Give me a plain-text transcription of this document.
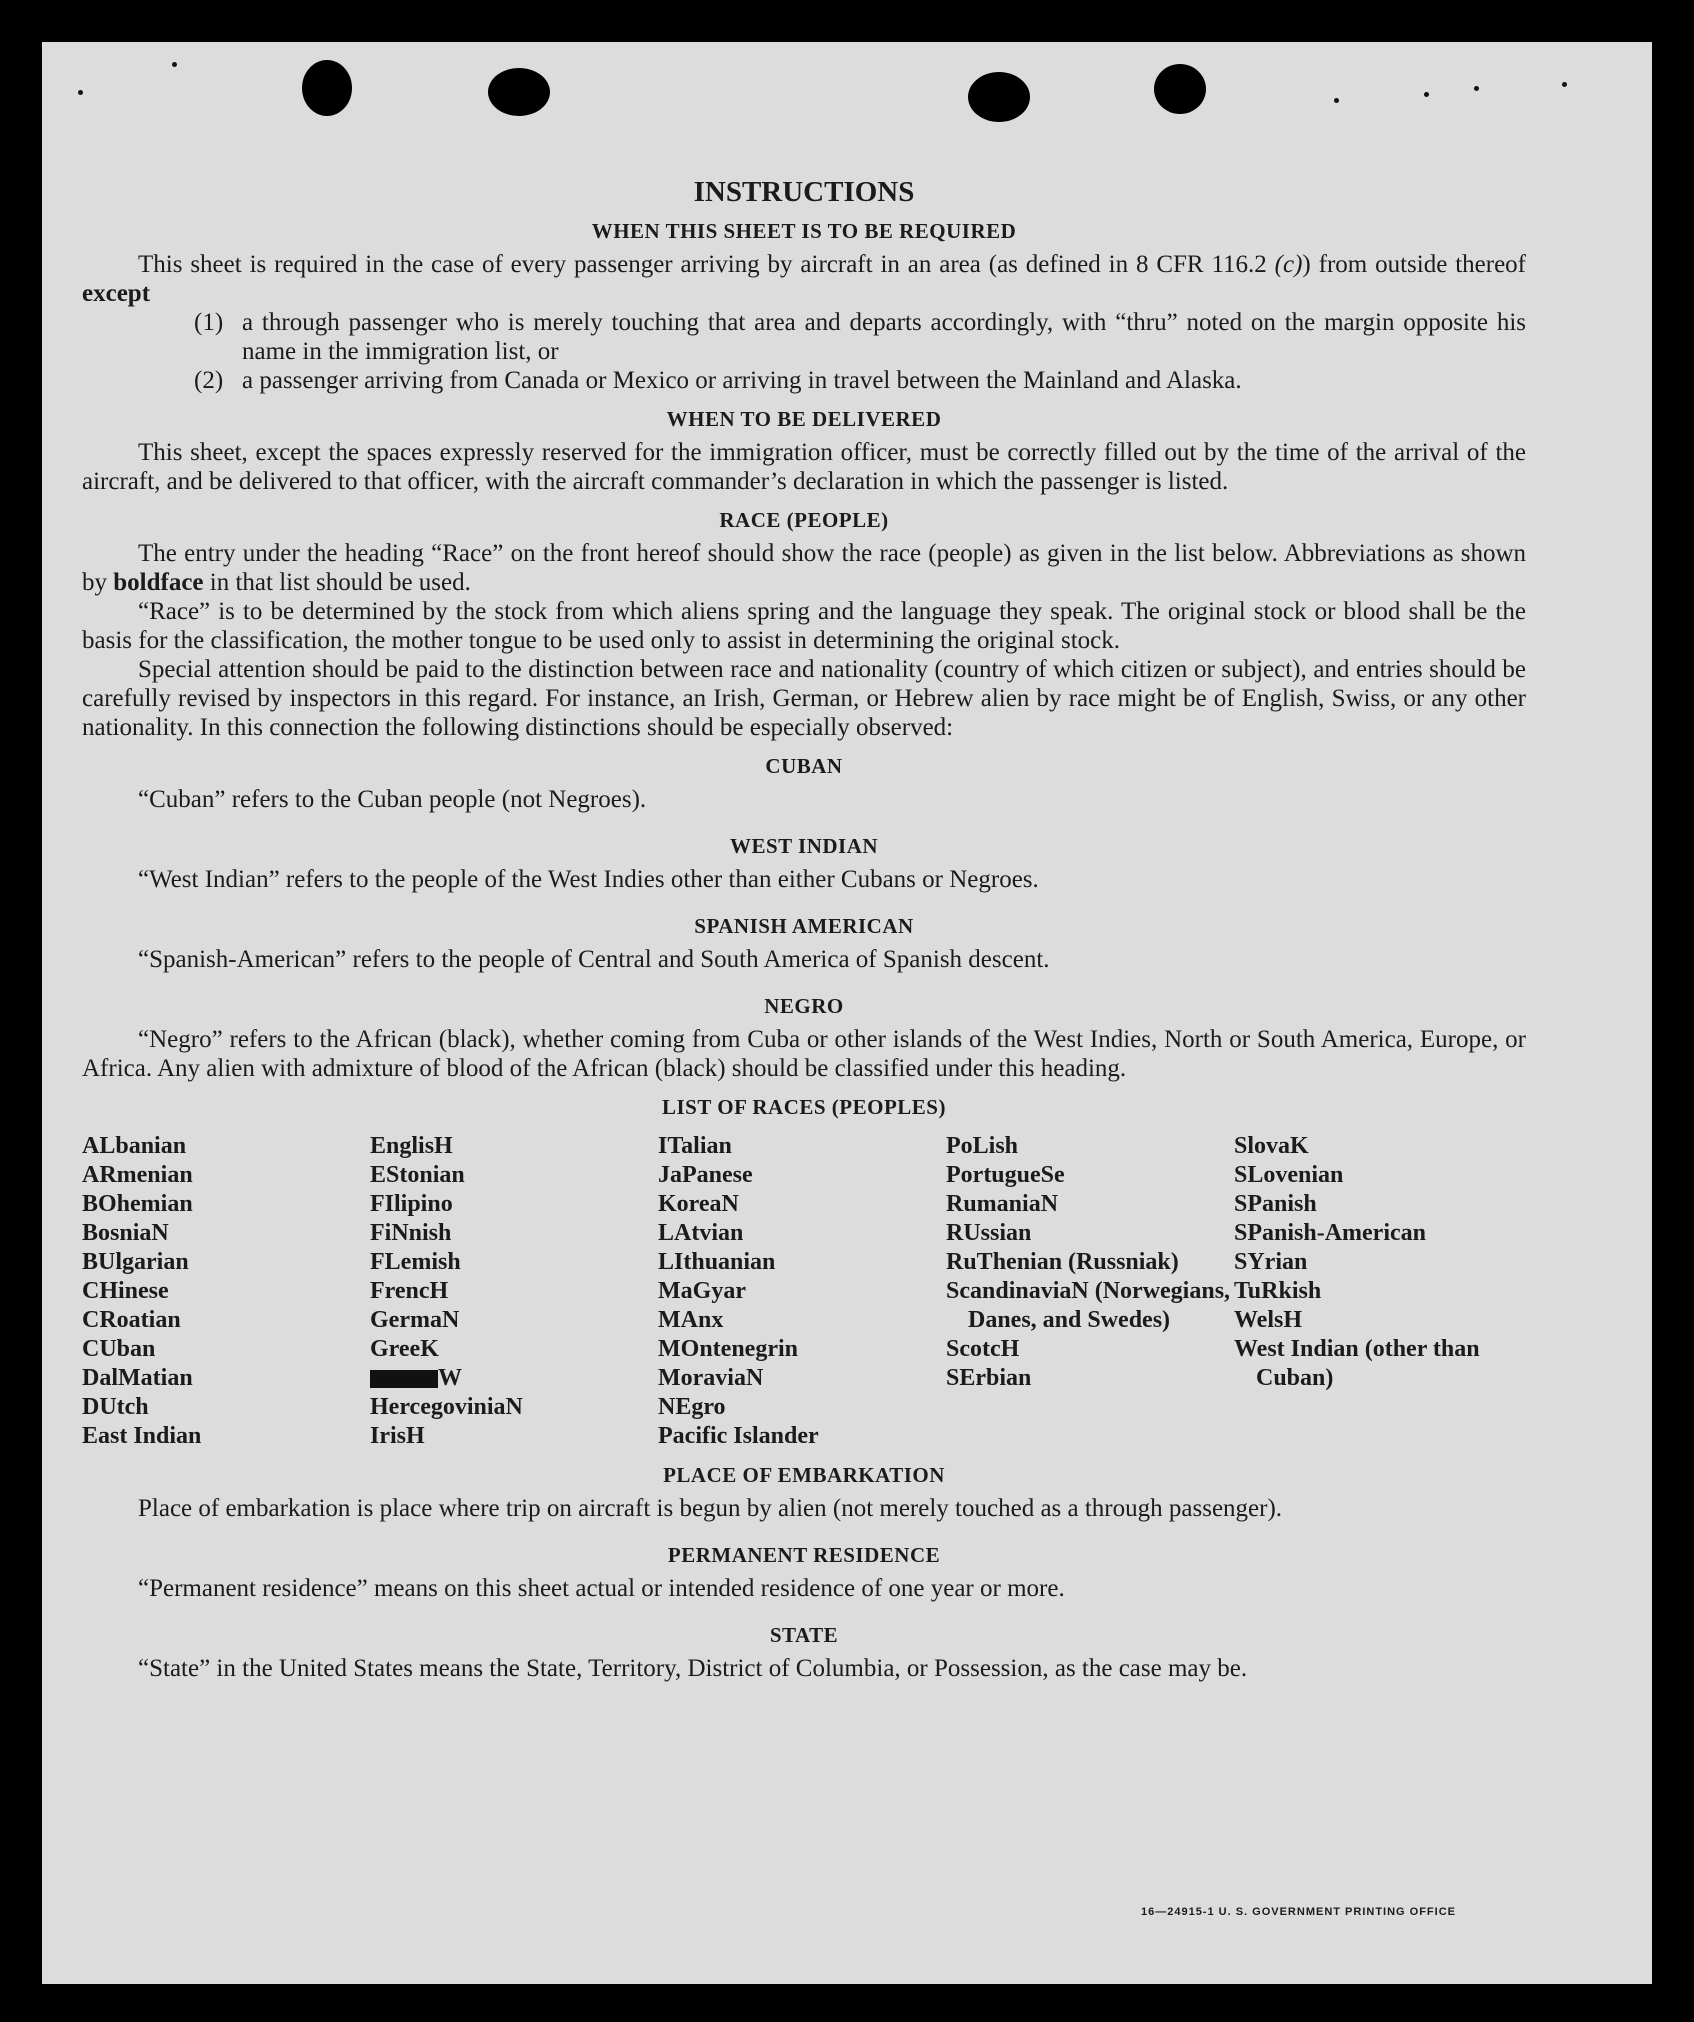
INSTRUCTIONS
WHEN THIS SHEET IS TO BE REQUIRED

This sheet is required in the case of every passenger arriving by aircraft in an area (as defined in 8 CFR 116.2 (c)) from outside thereof except

(1) a through passenger who is merely touching that area and departs accordingly, with “thru” noted on the margin opposite his name in the immigration list, or
(2) a passenger arriving from Canada or Mexico or arriving in travel between the Mainland and Alaska.
WHEN TO BE DELIVERED

This sheet, except the spaces expressly reserved for the immigration officer, must be correctly filled out by the time of the arrival of the aircraft, and be delivered to that officer, with the aircraft commander’s declaration in which the passenger is listed.

RACE (PEOPLE)

The entry under the heading “Race” on the front hereof should show the race (people) as given in the list below. Abbreviations as shown by boldface in that list should be used.

“Race” is to be determined by the stock from which aliens spring and the language they speak. The original stock or blood shall be the basis for the classification, the mother tongue to be used only to assist in determining the original stock.

Special attention should be paid to the distinction between race and nationality (country of which citizen or subject), and entries should be carefully revised by inspectors in this regard. For instance, an Irish, German, or Hebrew alien by race might be of English, Swiss, or any other nationality. In this connection the following distinctions should be especially observed:

CUBAN

“Cuban” refers to the Cuban people (not Negroes).

WEST INDIAN

“West Indian” refers to the people of the West Indies other than either Cubans or Negroes.

SPANISH AMERICAN

“Spanish-American” refers to the people of Central and South America of Spanish descent.

NEGRO

“Negro” refers to the African (black), whether coming from Cuba or other islands of the West Indies, North or South America, Europe, or Africa. Any alien with admixture of blood of the African (black) should be classified under this heading.

LIST OF RACES (PEOPLES)
ALbanian
ARmenian
BOhemian
BosniaN
BUlgarian
CHinese
CRoatian
CUban
DalMatian
DUtch
East Indian
EnglisH
EStonian
FIlipino
FiNnish
FLemish
FrencH
GermaN
GreeK
W
HercegoviniaN
IrisH
ITalian
JaPanese
KoreaN
LAtvian
LIthuanian
MaGyar
MAnx
MOntenegrin
MoraviaN
NEgro
Pacific Islander
PoLish
PortugueSe
RumaniaN
RUssian
RuThenian (Russniak)
ScandinaviaN (Norwegians, Danes, and Swedes)
ScotcH
SErbian
SlovaK
SLovenian
SPanish
SPanish-American
SYrian
TuRkish
WelsH
West Indian (other than Cuban)
PLACE OF EMBARKATION

Place of embarkation is place where trip on aircraft is begun by alien (not merely touched as a through passenger).

PERMANENT RESIDENCE

“Permanent residence” means on this sheet actual or intended residence of one year or more.

STATE

“State” in the United States means the State, Territory, District of Columbia, or Possession, as the case may be.

16—24915-1 U. S. GOVERNMENT PRINTING OFFICE
